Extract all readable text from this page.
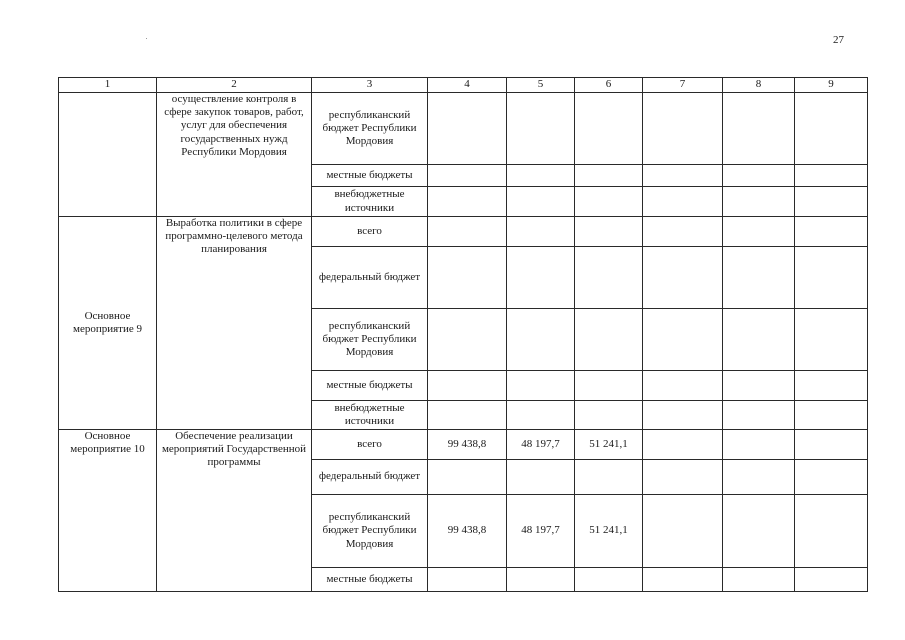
27
1	2	3	4	5	6	7	8	9
	осуществление контроля в сфере закупок товаров, работ, услуг для обеспечения государственных нужд Республики Мордовия	республиканский бюджет Республики Мордовия						
		местные бюджеты						
		внебюджетные источники						
Основное мероприятие 9	Выработка политики в сфере программно-целевого метода планирования	всего						
		федеральный бюджет						
		республиканский бюджет Республики Мордовия						
		местные бюджеты						
		внебюджетные источники						
Основное мероприятие 10	Обеспечение реализации мероприятий Государственной программы	всего	99 438,8	48 197,7	51 241,1			
		федеральный бюджет						
		республиканский бюджет Республики Мордовия	99 438,8	48 197,7	51 241,1			
		местные бюджеты						
